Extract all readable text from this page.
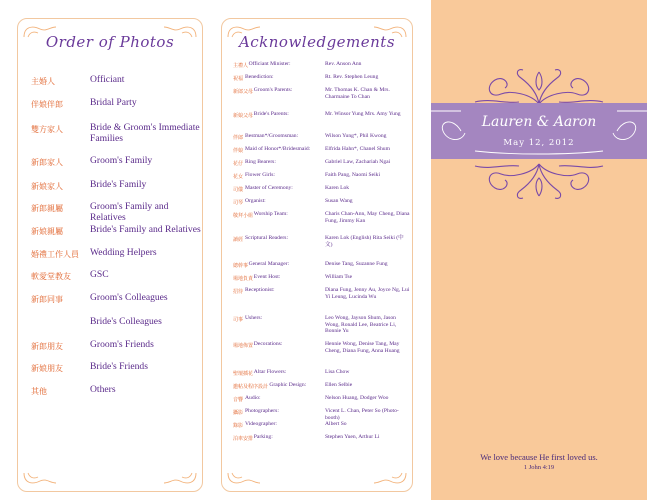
Order of Photos
主婚人	Officiant
伴娘伴郎	Bridal Party
雙方家人	Bride & Groom's Immediate Families
新郎家人	Groom's Family
新娘家人	Bride's Family
新郎親屬	Groom's Family and Relatives
新娘親屬	Bride's Family and Relatives
婚禮工作人員 Wedding Helpers
軟愛堂教友 GSC
新郎同事	Groom's Colleagues
Bride's Colleagues
新郎朋友	Groom's Friends
新娘朋友	Bride's Friends
其他	Others
Acknowledgements
主禮人 Officiant Minister:	Rev. Anson Ann
祝福 Benediction:	Rt. Rev. Stephen Leung
新郎父母 Groom's Parents:	Mr. Thomas K. Chan & Mrs. Charmaine To Chan
新娘父母 Bride's Parents:	Mr. Winsor Yung Mrs. Amy Yung
伴郎 Bestman*/Groomsman:	Wilson Yung*, Phil Kwong
伴娘 Maid of Honor*/Bridesmaid:	Elfrida Hahn*, Chanel Shum
花仔 Ring Bearers:	Gabriel Law, Zachariah Ngai
花女 Flower Girls:	Faith Pang, Naomi Seiki
司儀 Master of Ceremony:	Karen Lok
司琴 Organist:	Susan Wang
敬拜小組 Worship Team:	Charis Chan-Ann, May Cheng, Diana Fung, Jimmy Kan
讀經 Scriptural Readers:	Karen Lok (English) Rita Seiki (中文)
總幹事 General Manager:	Denise Tang, Suzanne Fung
場地負責 Event Host:	William Tse
招待 Receptionist:	Diana Fung, Jenny Au, Joyce Ng, Lui Yi Leung, Lucinda Wu
司事 Ushers:	Leo Wong, Jayson Shum, Jason Wong, Ronald Lee, Beatrice Li, Bonnie Yu
場地佈置 Decorations:	Hennie Wong, Denise Tang, May Cheng, Diana Fung, Anna Huang
聖壇插花 Altar Flowers:	Lisa Chow
邀帖及程序設計 Graphic Design:	Ellen Selbie
音響 Audio:	Nelson Huang, Dodger Woo
攝影 Photographers:	Vicent L. Chan, Peter So (Photo-booth)
錄影 Videographer:	Albert So
泊車安排 Parking:	Stephen Yuen, Arthur Li
Lauren & Aaron
May 12, 2012
We love because He first loved us.
1 John 4:19
